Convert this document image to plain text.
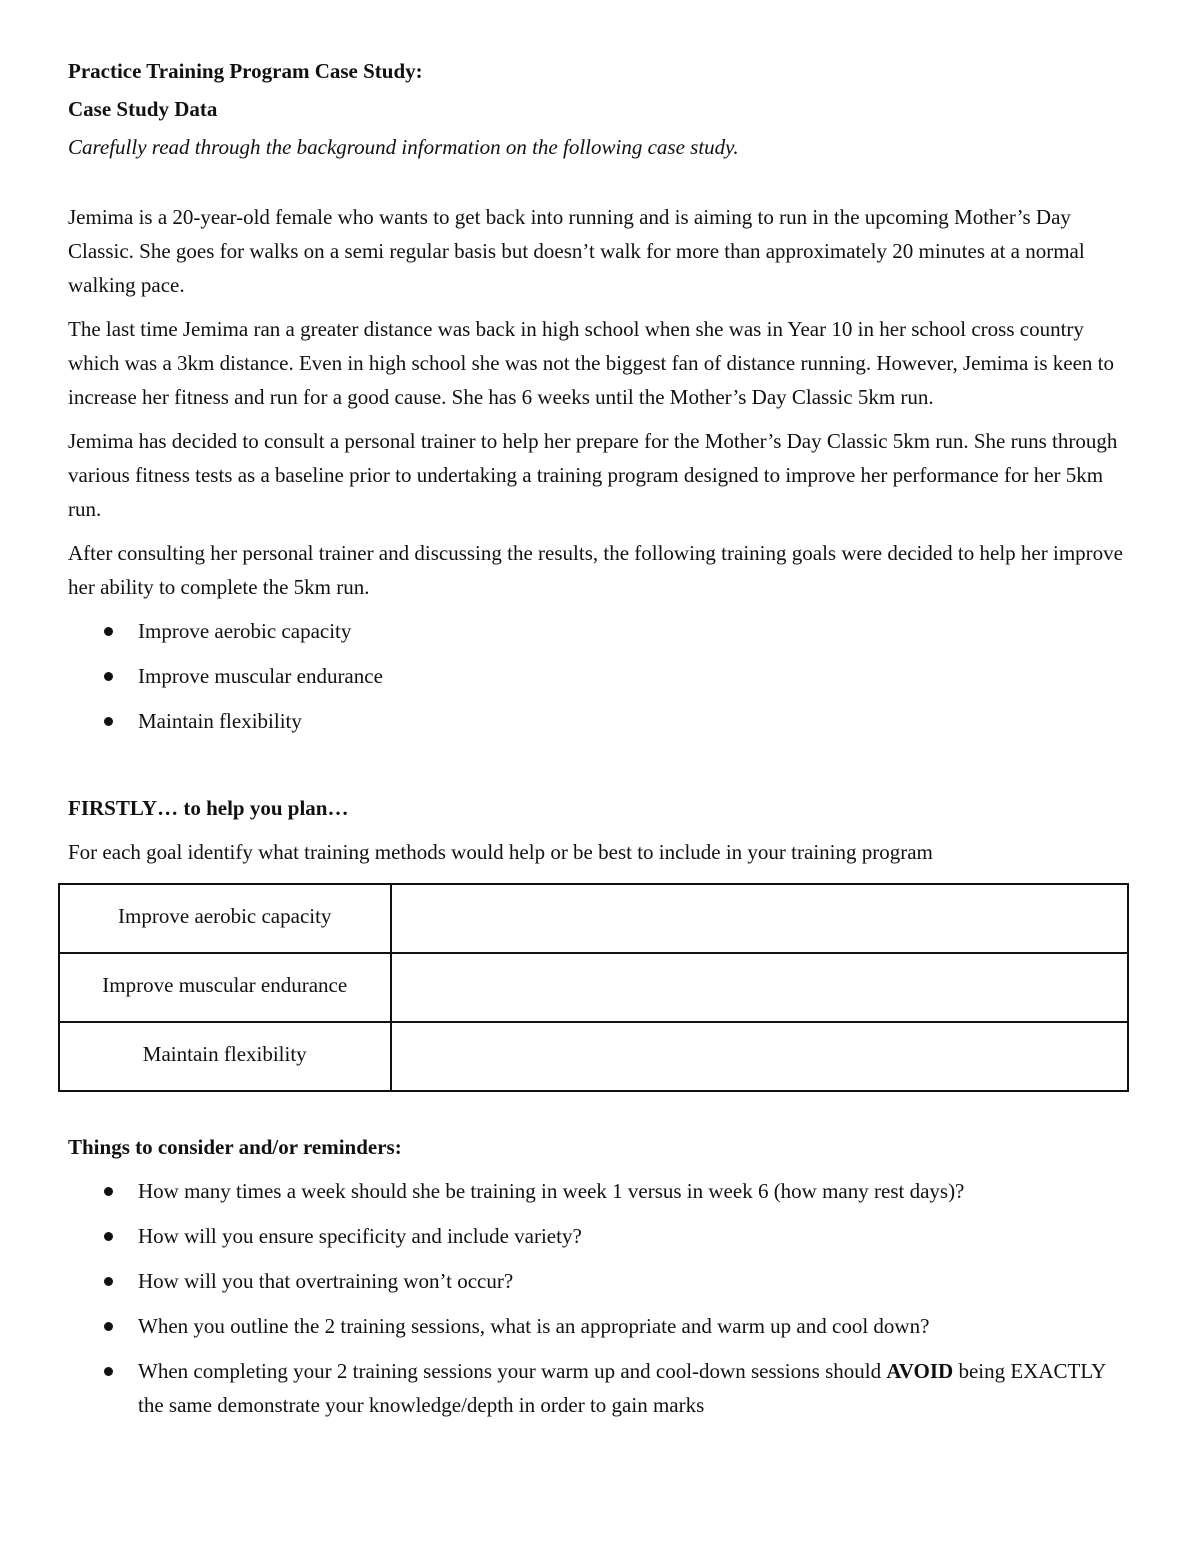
Practice Training Program Case Study:

Case Study Data

Carefully read through the background information on the following case study.

Jemima is a 20-year-old female who wants to get back into running and is aiming to run in the upcoming Mother’s Day Classic. She goes for walks on a semi regular basis but doesn’t walk for more than approximately 20 minutes at a normal walking pace.

The last time Jemima ran a greater distance was back in high school when she was in Year 10 in her school cross country which was a 3km distance. Even in high school she was not the biggest fan of distance running. However, Jemima is keen to increase her fitness and run for a good cause. She has 6 weeks until the Mother’s Day Classic 5km run.

Jemima has decided to consult a personal trainer to help her prepare for the Mother’s Day Classic 5km run. She runs through various fitness tests as a baseline prior to undertaking a training program designed to improve her performance for her 5km run.

After consulting her personal trainer and discussing the results, the following training goals were decided to help her improve her ability to complete the 5km run.

Improve aerobic capacity
Improve muscular endurance
Maintain flexibility

FIRSTLY… to help you plan…

For each goal identify what training methods would help or be best to include in your training program

Improve aerobic capacity	
Improve muscular endurance	
Maintain flexibility	

Things to consider and/or reminders:

How many times a week should she be training in week 1 versus in week 6 (how many rest days)?
How will you ensure specificity and include variety?
How will you that overtraining won’t occur?
When you outline the 2 training sessions, what is an appropriate and warm up and cool down?
When completing your 2 training sessions your warm up and cool-down sessions should AVOID being EXACTLY the same demonstrate your knowledge/depth in order to gain marks
